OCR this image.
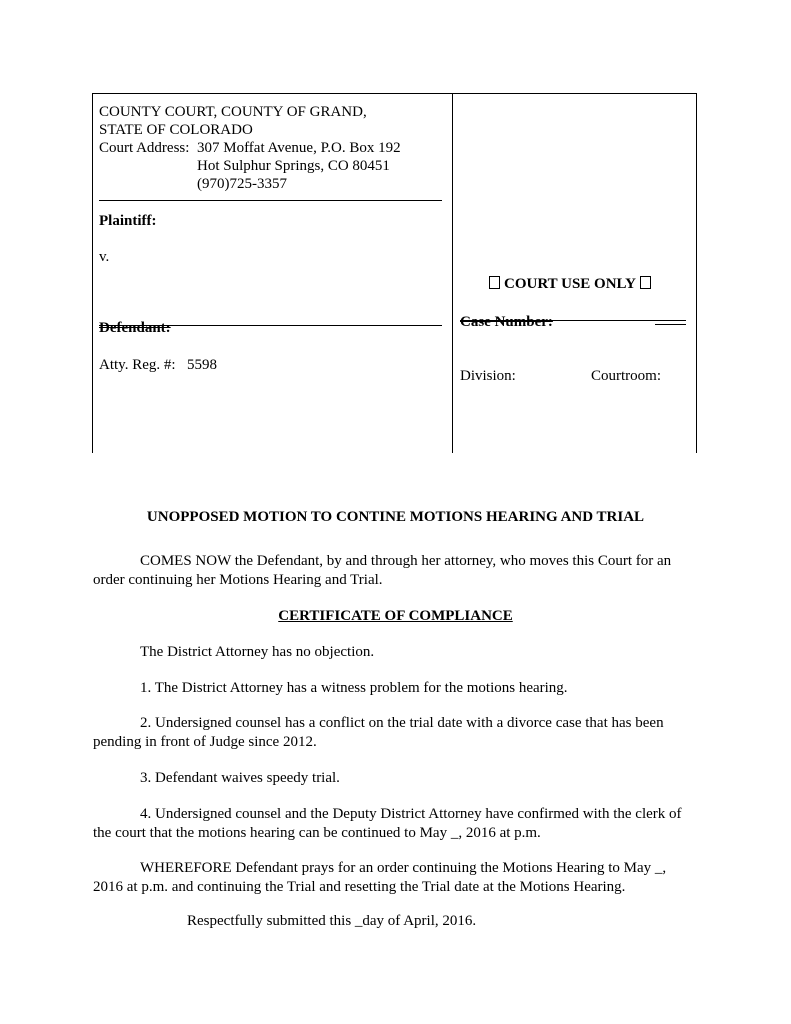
COUNTY COURT, COUNTY OF GRAND,
STATE OF COLORADO
Court Address: 307 Moffat Avenue, P.O. Box 192
Hot Sulphur Springs, CO 80451
(970)725-3357
Plaintiff:
v.
Defendant:
Atty. Reg. #: 5598
COURT USE ONLY
Case Number:
Division:	Courtroom:
UNOPPOSED MOTION TO CONTINE MOTIONS HEARING AND TRIAL
COMES NOW the Defendant, by and through her attorney, who moves this Court for an order continuing her Motions Hearing and Trial.
CERTIFICATE OF COMPLIANCE
The District Attorney has no objection.
1. The District Attorney has a witness problem for the motions hearing.
2. Undersigned counsel has a conflict on the trial date with a divorce case that has been pending in front of Judge since 2012.
3. Defendant waives speedy trial.
4. Undersigned counsel and the Deputy District Attorney have confirmed with the clerk of the court that the motions hearing can be continued to May _, 2016 at p.m.
WHEREFORE Defendant prays for an order continuing the Motions Hearing to May _, 2016 at p.m. and continuing the Trial and resetting the Trial date at the Motions Hearing.
Respectfully submitted this _day of April, 2016.
